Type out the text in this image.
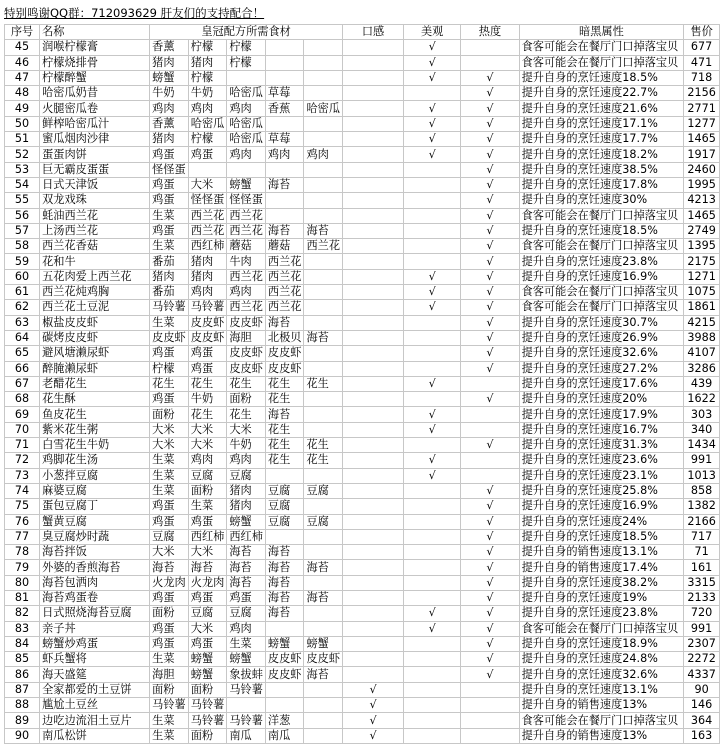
特别鸣谢QQ群：712093629 肝友们的支持配合！
序号	名称	皇冠配方所需食材					口感	美观	热度	暗黑属性	售价
45	润喉柠檬膏	香薰	柠檬	柠檬				√		食客可能会在餐厅门口掉落宝贝	677
46	柠檬烧排骨	猪肉	猪肉	柠檬				√		食客可能会在餐厅门口掉落宝贝	471
47	柠檬醉蟹	螃蟹	柠檬					√	√	提升自身的烹饪速度18.5%	718
48	哈密瓜奶昔	牛奶	牛奶	哈密瓜	草莓				√	提升自身的烹饪速度22.7%	2156
49	火腿密瓜卷	鸡肉	鸡肉	鸡肉	香蕉	哈密瓜		√	√	提升自身的烹饪速度21.6%	2771
50	鲜榨哈密瓜汁	香薰	哈密瓜	哈密瓜				√	√	提升自身的烹饪速度17.1%	1277
51	蜜瓜烟肉沙律	猪肉	柠檬	哈密瓜	草莓			√	√	提升自身的烹饪速度17.7%	1465
52	蛋蛋肉饼	鸡蛋	鸡蛋	鸡肉	鸡肉	鸡肉		√	√	提升自身的烹饪速度18.2%	1917
53	巨无霸皮蛋蛋	怪怪蛋							√	提升自身的烹饪速度38.5%	2460
54	日式天津饭	鸡蛋	大米	螃蟹	海苔				√	提升自身的烹饪速度17.8%	1995
55	双龙戏珠	鸡蛋	怪怪蛋	怪怪蛋					√	提升自身的烹饪速度30%	4213
56	蚝油西兰花	生菜	西兰花	西兰花					√	食客可能会在餐厅门口掉落宝贝	1465
57	上汤西兰花	鸡蛋	西兰花	西兰花	海苔	海苔			√	提升自身的烹饪速度18.5%	2749
58	西兰花香菇	生菜	西红柿	蘑菇	蘑菇	西兰花			√	食客可能会在餐厅门口掉落宝贝	1395
59	花和牛	番茄	猪肉	牛肉	西兰花				√	提升自身的烹饪速度23.8%	2175
60	五花肉爱上西兰花	猪肉	猪肉	西兰花	西兰花			√	√	提升自身的烹饪速度16.9%	1271
61	西兰花炖鸡胸	番茄	鸡肉	鸡肉	西兰花			√	√	食客可能会在餐厅门口掉落宝贝	1075
62	西兰花土豆泥	马铃薯	马铃薯	西兰花	西兰花			√	√	食客可能会在餐厅门口掉落宝贝	1861
63	椒盐皮皮虾	生菜	皮皮虾	皮皮虾	海苔				√	提升自身的烹饪速度30.7%	4215
64	碳烤皮皮虾	皮皮虾	皮皮虾	海胆	北极贝	海苔			√	提升自身的烹饪速度26.9%	3988
65	避风塘濑尿虾	鸡蛋	鸡蛋	皮皮虾	皮皮虾				√	提升自身的烹饪速度32.6%	4107
66	醉腌濑尿虾	柠檬	鸡蛋	皮皮虾	皮皮虾				√	提升自身的烹饪速度27.2%	3286
67	老醋花生	花生	花生	花生	花生	花生		√		提升自身的烹饪速度17.6%	439
68	花生酥	鸡蛋	牛奶	面粉	花生				√	提升自身的烹饪速度20%	1622
69	鱼皮花生	面粉	花生	花生	海苔			√		提升自身的烹饪速度17.9%	303
70	紫米花生粥	大米	大米	大米	花生			√		提升自身的烹饪速度16.7%	340
71	白雪花生牛奶	大米	大米	牛奶	花生	花生			√	提升自身的烹饪速度31.3%	1434
72	鸡脚花生汤	生菜	鸡肉	鸡肉	花生	花生		√		提升自身的烹饪速度23.6%	991
73	小葱拌豆腐	生菜	豆腐	豆腐				√		提升自身的烹饪速度23.1%	1013
74	麻婆豆腐	生菜	面粉	猪肉	豆腐	豆腐			√	提升自身的烹饪速度25.8%	858
75	蛋包豆腐丁	鸡蛋	生菜	猪肉	豆腐				√	提升自身的烹饪速度16.9%	1382
76	蟹黄豆腐	鸡蛋	鸡蛋	螃蟹	豆腐	豆腐			√	提升自身的烹饪速度24%	2166
77	臭豆腐炒时蔬	豆腐	西红柿	西红柿					√	提升自身的烹饪速度18.5%	717
78	海苔拌饭	大米	大米	海苔	海苔				√	提升自身的销售速度13.1%	71
79	外婆的香煎海苔	海苔	海苔	海苔	海苔	海苔			√	提升自身的销售速度17.4%	161
80	海苔包洒肉	火龙肉	火龙肉	海苔	海苔				√	提升自身的烹饪速度38.2%	3315
81	海苔鸡蛋卷	鸡蛋	鸡蛋	鸡蛋	海苔	海苔			√	提升自身的烹饪速度19%	2133
82	日式照烧海苔豆腐	面粉	豆腐	豆腐	海苔			√	√	提升自身的烹饪速度23.8%	720
83	亲子丼	鸡蛋	大米	鸡肉				√	√	食客可能会在餐厅门口掉落宝贝	991
84	螃蟹炒鸡蛋	鸡蛋	鸡蛋	生菜	螃蟹	螃蟹			√	提升自身的烹饪速度18.9%	2307
85	虾兵蟹将	生菜	螃蟹	螃蟹	皮皮虾	皮皮虾			√	提升自身的烹饪速度24.8%	2272
86	海天盛筵	海胆	螃蟹	象拔蚌	皮皮虾	海苔			√	提升自身的烹饪速度32.6%	4337
87	全家都爱的土豆饼	面粉	面粉	马铃薯			√			提升自身的烹饪速度13.1%	90
88	尴尬土豆丝	马铃薯	马铃薯				√			提升自身的销售速度13%	146
89	边吃边流泪土豆片	生菜	马铃薯	马铃薯	洋葱		√			食客可能会在餐厅门口掉落宝贝	364
90	南瓜松饼	生菜	面粉	南瓜	南瓜		√			提升自身的销售速度13%	163
